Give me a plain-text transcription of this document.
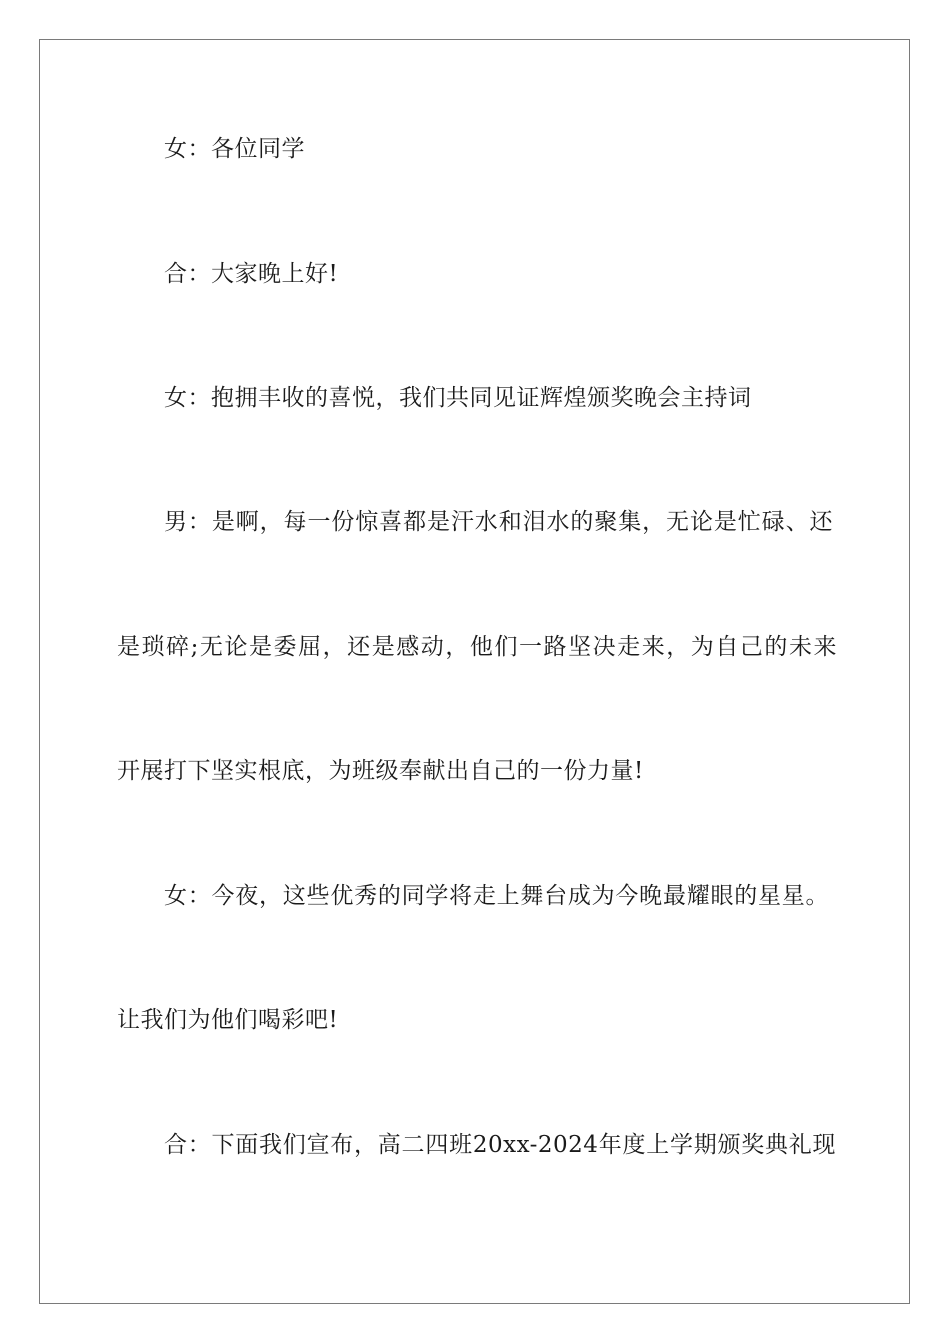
女：各位同学
合：大家晚上好!
女：抱拥丰收的喜悦，我们共同见证辉煌颁奖晚会主持词
男：是啊，每一份惊喜都是汗水和泪水的聚集，无论是忙碌、还
是琐碎;无论是委屈，还是感动，他们一路坚决走来，为自己的未来
开展打下坚实根底，为班级奉献出自己的一份力量!
女：今夜，这些优秀的同学将走上舞台成为今晚最耀眼的星星。
让我们为他们喝彩吧!
合：下面我们宣布，高二四班20xx-2024年度上学期颁奖典礼现
